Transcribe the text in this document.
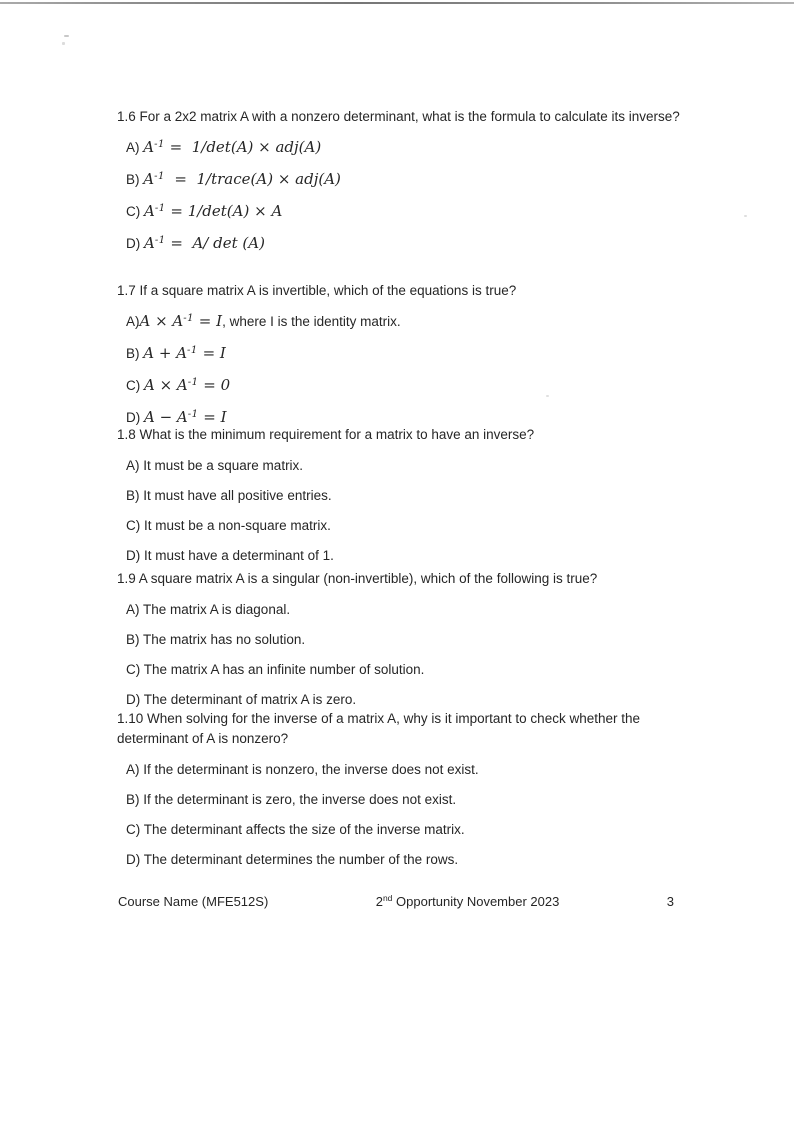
1.6 For a 2x2 matrix A with a nonzero determinant, what is the formula to calculate its inverse?
A) $A^{-1} = 1/\det(A) \times adj(A)$
B) $A^{-1}$  =  1/trace(A) × adj(A)
C) $A^{-1} = 1/\det(A) \times A$
D) $A^{-1} = A/$ det (A)
1.7 If a square matrix A is invertible, which of the equations is true?
$A)A \times A^{-1} = I$, where I is the identity matrix.
B) $A + A^{-1} = I$
C) $A \times A^{-1} = 0$
D) $A - A^{-1} = I$
1.8 What is the minimum requirement for a matrix to have an inverse?
A) It must be a square matrix.
B) It must have all positive entries.
C) It must be a non-square matrix.
D) It must have a determinant of 1.
1.9 A square matrix A is a singular (non-invertible), which of the following is true?
A) The matrix A is diagonal.
B) The matrix has no solution.
C) The matrix A has an infinite number of solution.
D) The determinant of matrix A is zero.
1.10 When solving for the inverse of a matrix A, why is it important to check whether the determinant of A is nonzero?
A) If the determinant is nonzero, the inverse does not exist.
B) If the determinant is zero, the inverse does not exist.
C) The determinant affects the size of the inverse matrix.
D) The determinant determines the number of the rows.
Course Name (MFE512S)	2nd Opportunity November 2023	3
